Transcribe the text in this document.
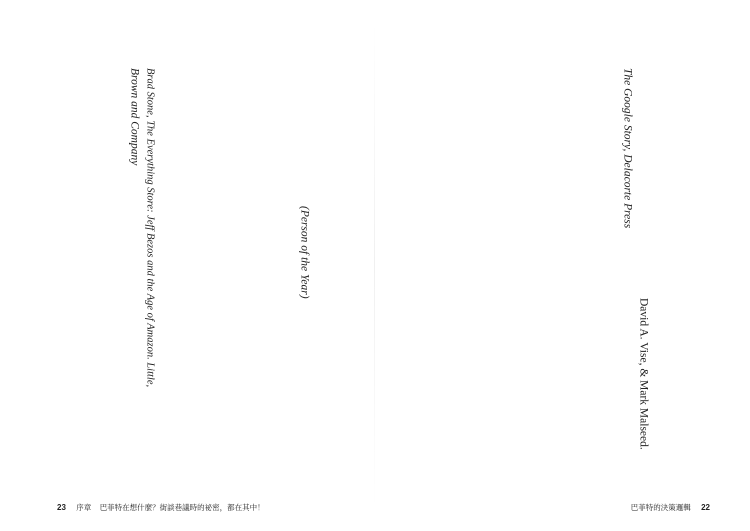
(Person of the Year)
Brad Stone, The Everything Store: Jeff Bezos and the Age of Amazon. Little,
Brown and Company
23 序章 巴菲特在想什麼？街談巷議時的祕密，都在其中！
David A. Vise, & Mark Malseed.
The Google Story, Delacorte Press
巴菲特的決策邏輯 22
